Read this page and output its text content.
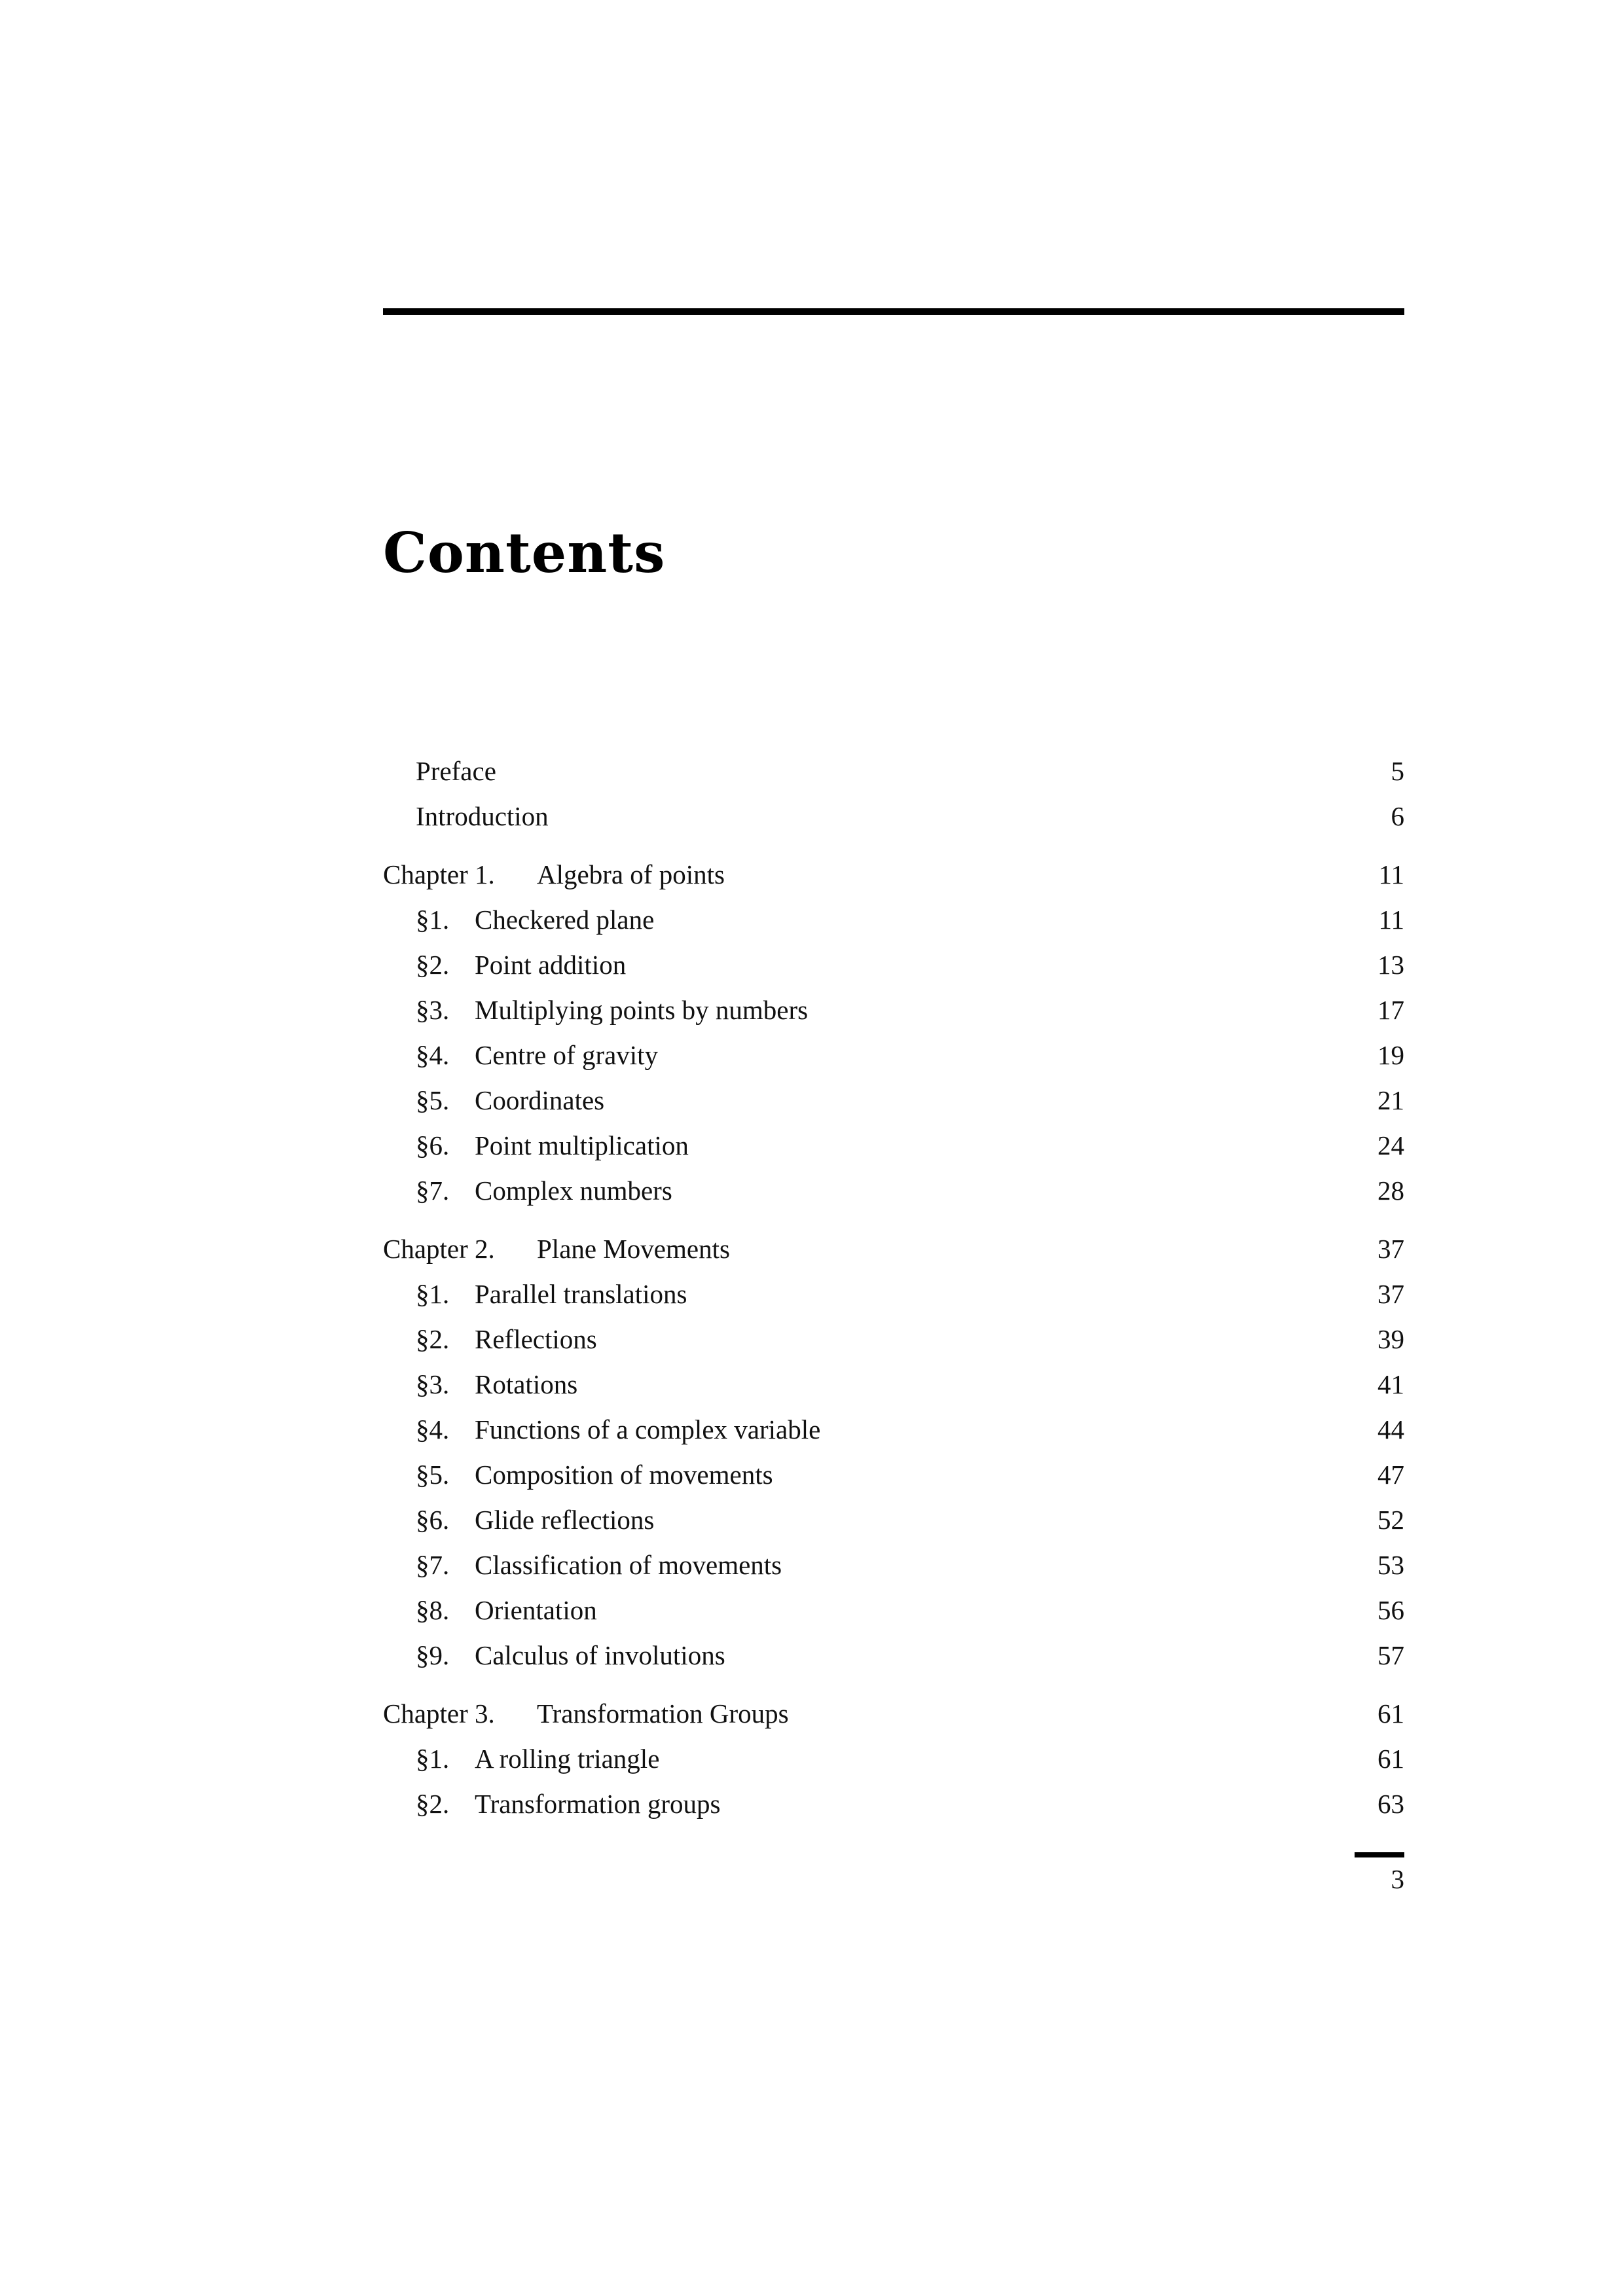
Contents
Preface	5
Introduction	6
Chapter 1. Algebra of points	11
§1. Checkered plane	11
§2. Point addition	13
§3. Multiplying points by numbers	17
§4. Centre of gravity	19
§5. Coordinates	21
§6. Point multiplication	24
§7. Complex numbers	28
Chapter 2. Plane Movements	37
§1. Parallel translations	37
§2. Reflections	39
§3. Rotations	41
§4. Functions of a complex variable	44
§5. Composition of movements	47
§6. Glide reflections	52
§7. Classification of movements	53
§8. Orientation	56
§9. Calculus of involutions	57
Chapter 3. Transformation Groups	61
§1. A rolling triangle	61
§2. Transformation groups	63
3
